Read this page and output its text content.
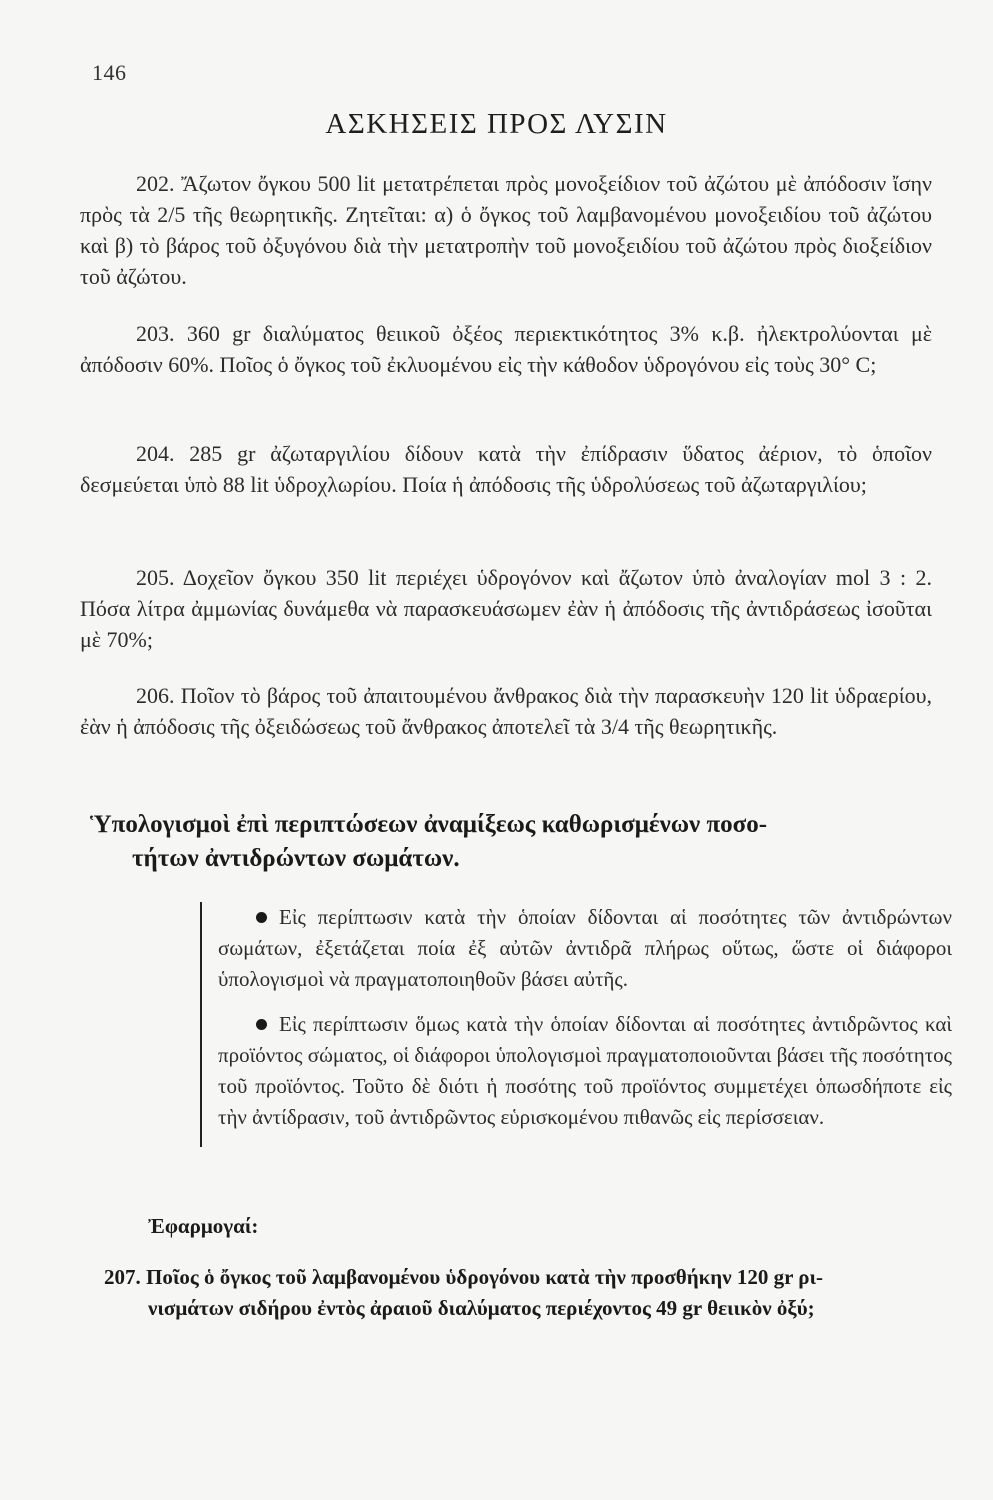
146
ΑΣΚΗΣΕΙΣ ΠΡΟΣ ΛΥΣΙΝ
202. Ἄζωτον ὄγκου 500 lit μετατρέπεται πρὸς μονοξείδιον τοῦ ἀζώτου μὲ ἀπόδοσιν ἴσην πρὸς τὰ 2/5 τῆς θεωρητικῆς. Ζητεῖται: α) ὁ ὄγκος τοῦ λαμβανομένου μονοξειδίου τοῦ ἀζώτου καὶ β) τὸ βάρος τοῦ ὀξυγόνου διὰ τὴν μετατροπὴν τοῦ μονοξειδίου τοῦ ἀζώτου πρὸς διοξείδιον τοῦ ἀζώτου.
203. 360 gr διαλύματος θειικοῦ ὀξέος περιεκτικότητος 3% κ.β. ἠλεκτρολύονται μὲ ἀπόδοσιν 60%. Ποῖος ὁ ὄγκος τοῦ ἐκλυομένου εἰς τὴν κάθοδον ὑδρογόνου εἰς τοὺς 30° C;
204. 285 gr ἀζωταργιλίου δίδουν κατὰ τὴν ἐπίδρασιν ὕδατος ἀέριον, τὸ ὁποῖον δεσμεύεται ὑπὸ 88 lit ὑδροχλωρίου. Ποία ἡ ἀπόδοσις τῆς ὑδρολύσεως τοῦ ἀζωταργιλίου;
205. Δοχεῖον ὄγκου 350 lit περιέχει ὑδρογόνον καὶ ἄζωτον ὑπὸ ἀναλογίαν mol 3 : 2. Πόσα λίτρα ἀμμωνίας δυνάμεθα νὰ παρασκευάσωμεν ἐὰν ἡ ἀπόδοσις τῆς ἀντιδράσεως ἰσοῦται μὲ 70%;
206. Ποῖον τὸ βάρος τοῦ ἀπαιτουμένου ἄνθρακος διὰ τὴν παρασκευὴν 120 lit ὑδραερίου, ἐὰν ἡ ἀπόδοσις τῆς ὀξειδώσεως τοῦ ἄνθρακος ἀποτελεῖ τὰ 3/4 τῆς θεωρητικῆς.
Ὑπολογισμοὶ ἐπὶ περιπτώσεων ἀναμίξεως καθωρισμένων ποσο-
τήτων ἀντιδρώντων σωμάτων.
Εἰς περίπτωσιν κατὰ τὴν ὁποίαν δίδονται αἱ ποσότητες τῶν ἀντιδρώντων σωμάτων, ἐξετάζεται ποία ἐξ αὐτῶν ἀντιδρᾶ πλήρως οὕτως, ὥστε οἱ διάφοροι ὑπολογισμοὶ νὰ πραγματοποιηθοῦν βάσει αὐτῆς.
Εἰς περίπτωσιν ὅμως κατὰ τὴν ὁποίαν δίδονται αἱ ποσότητες ἀντιδρῶντος καὶ προϊόντος σώματος, οἱ διάφοροι ὑπολογισμοὶ πραγματοποιοῦνται βάσει τῆς ποσότητος τοῦ προϊόντος. Τοῦτο δὲ διότι ἡ ποσότης τοῦ προϊόντος συμμετέχει ὁπωσδήποτε εἰς τὴν ἀντίδρασιν, τοῦ ἀντιδρῶντος εὑρισκομένου πιθανῶς εἰς περίσσειαν.
Ἐφαρμογαί:
207. Ποῖος ὁ ὄγκος τοῦ λαμβανομένου ὑδρογόνου κατὰ τὴν προσθήκην 120 gr ρι-
νισμάτων σιδήρου ἐντὸς ἀραιοῦ διαλύματος περιέχοντος 49 gr θειικὸν ὀξύ;
